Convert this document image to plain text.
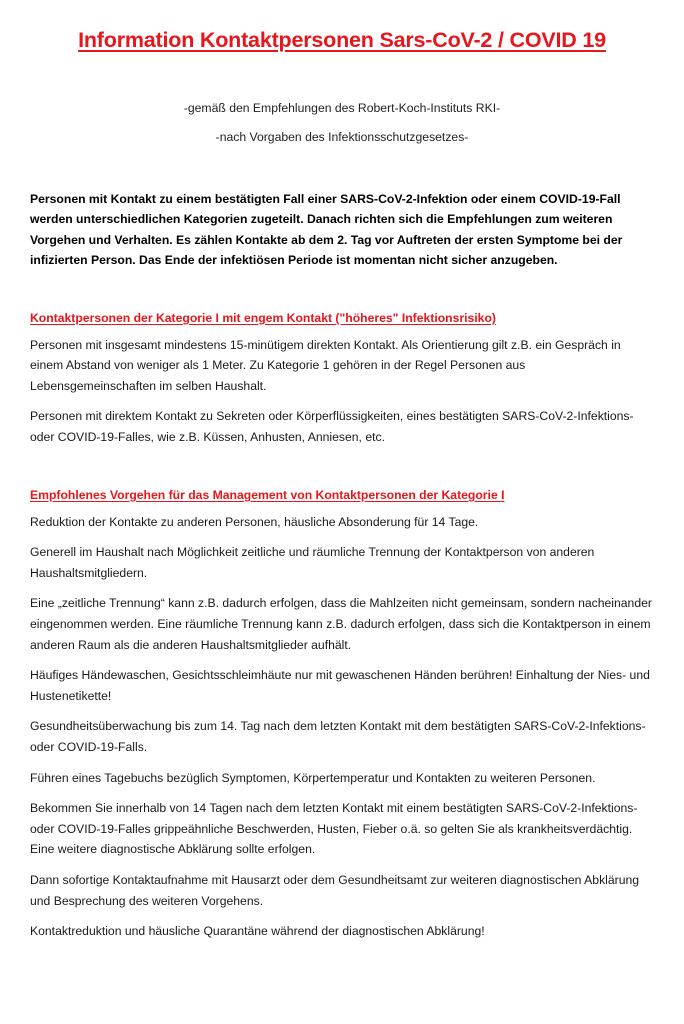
Information Kontaktpersonen Sars-CoV-2 / COVID 19
-gemäß den Empfehlungen des Robert-Koch-Instituts RKI-
-nach Vorgaben des Infektionsschutzgesetzes-
Personen mit Kontakt zu einem bestätigten Fall einer SARS-CoV-2-Infektion oder einem COVID-19-Fall werden unterschiedlichen Kategorien zugeteilt. Danach richten sich die Empfehlungen zum weiteren Vorgehen und Verhalten. Es zählen Kontakte ab dem 2. Tag vor Auftreten der ersten Symptome bei der infizierten Person. Das Ende der infektiösen Periode ist momentan nicht sicher anzugeben.
Kontaktpersonen der Kategorie I mit engem Kontakt ("höheres" Infektionsrisiko)
Personen mit insgesamt mindestens 15-minütigem direkten Kontakt. Als Orientierung gilt z.B. ein Gespräch in einem Abstand von weniger als 1 Meter. Zu Kategorie 1 gehören in der Regel Personen aus Lebensgemeinschaften im selben Haushalt.
Personen mit direktem Kontakt zu Sekreten oder Körperflüssigkeiten, eines bestätigten SARS-CoV-2-Infektions- oder COVID-19-Falles, wie z.B. Küssen, Anhusten, Anniesen, etc.
Empfohlenes Vorgehen für das Management von Kontaktpersonen der Kategorie I
Reduktion der Kontakte zu anderen Personen, häusliche Absonderung für 14 Tage.
Generell im Haushalt nach Möglichkeit zeitliche und räumliche Trennung der Kontaktperson von anderen Haushaltsmitgliedern.
Eine „zeitliche Trennung“ kann z.B. dadurch erfolgen, dass die Mahlzeiten nicht gemeinsam, sondern nacheinander eingenommen werden. Eine räumliche Trennung kann z.B. dadurch erfolgen, dass sich die Kontaktperson in einem anderen Raum als die anderen Haushaltsmitglieder aufhält.
Häufiges Händewaschen, Gesichtsschleimhäute nur mit gewaschenen Händen berühren! Einhaltung der Nies- und Hustenetikette!
Gesundheitsüberwachung bis zum 14. Tag nach dem letzten Kontakt mit dem bestätigten SARS-CoV-2-Infektions- oder COVID-19-Falls.
Führen eines Tagebuchs bezüglich Symptomen, Körpertemperatur und Kontakten zu weiteren Personen.
Bekommen Sie innerhalb von 14 Tagen nach dem letzten Kontakt mit einem bestätigten SARS-CoV-2-Infektions- oder COVID-19-Falles grippeähnliche Beschwerden, Husten, Fieber o.ä. so gelten Sie als krankheitsverdächtig. Eine weitere diagnostische Abklärung sollte erfolgen.
Dann sofortige Kontaktaufnahme mit Hausarzt oder dem Gesundheitsamt zur weiteren diagnostischen Abklärung und Besprechung des weiteren Vorgehens.
Kontaktreduktion und häusliche Quarantäne während der diagnostischen Abklärung!
